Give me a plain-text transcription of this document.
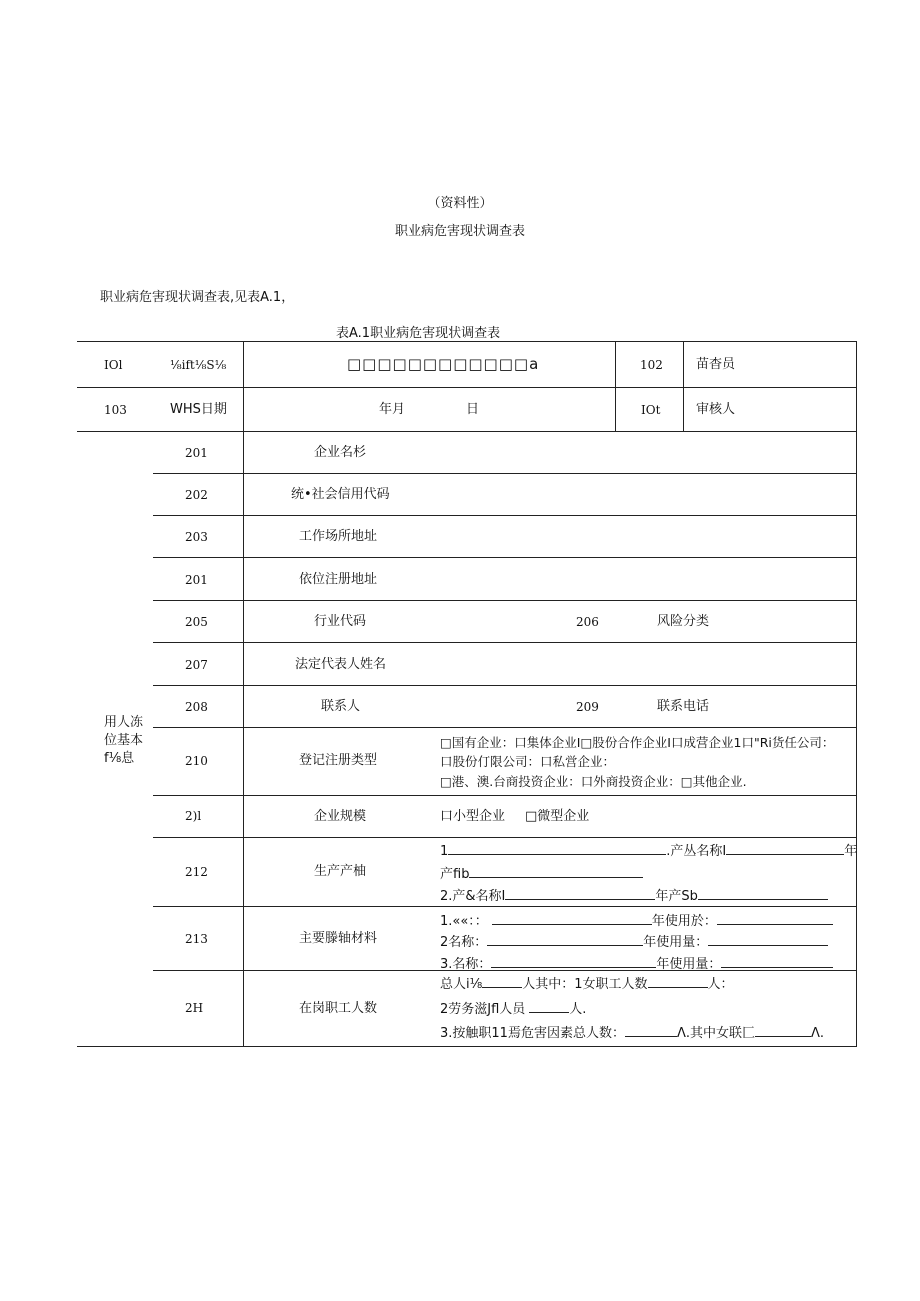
（资料性）
职业病危害现状调查表
职业病危害现状调查表,见表A.1，
表A.1职业病危害现状调查表
IOl	⅛ift⅛S⅛	□□□□□□□□□□□□a	102	苗杳员
103	WHS日期	年月	日	IOt	审核人
用人冻
位基本
f⅛息
201	企业名杉
202	统•社会信用代码
203	工作场所地址
201	依位注册地址
205	行业代码	206	风险分类
207	法定代表人姓名
208	联系人	209	联系电话
210	登记注册类型
□国有企业：口集体企业I□股份合作企业I口成营企业1口"Ri货任公司：
口股份仃限公司：口私営企业：
□港、澳.台商投资企业：口外商投资企业：□其他企业.
2)l	企业规模	口小型企业 □微型企业
212	生产产柚
1	.产丛名称I	年
产fib
2.产&名称I	年产Sb
213	主要滕轴材料
1.««：：	年使用於：
2名称：	年使用量：
3.名称：	年使用量：
2H	在岗职工人数
总人i⅛	人其中：1女职工人数	人：
2劳务滋Jfl人员	人.
3.按触职11焉危害因素总人数：	Λ.其中女联匚	Λ.
